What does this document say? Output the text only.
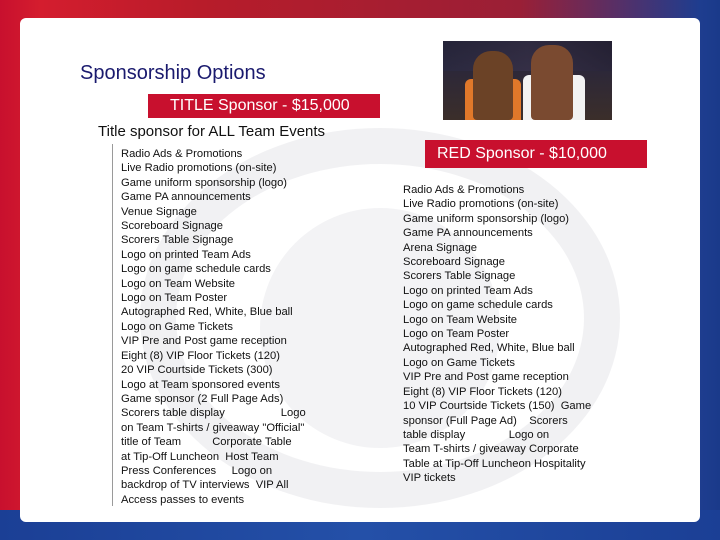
Sponsorship Options
TITLE Sponsor - $15,000
Title sponsor for ALL Team Events
Radio Ads & Promotions
Live Radio promotions (on-site)
Game uniform sponsorship (logo)
Game PA announcements
Venue Signage
Scoreboard Signage
Scorers Table Signage
Logo on printed Team Ads
Logo on game schedule cards
Logo on Team Website
Logo on Team Poster
Autographed Red, White, Blue ball
Logo on Game Tickets
VIP Pre and Post game reception
Eight (8) VIP Floor Tickets (120)
20 VIP Courtside Tickets (300)
Logo at Team sponsored events
Game sponsor (2 Full Page Ads)
Scorers table display                  Logo
on Team T-shirts / giveaway "Official"
title of Team          Corporate Table
at Tip-Off Luncheon  Host Team
Press Conferences     Logo on
backdrop of TV interviews  VIP All
Access passes to events
RED Sponsor - $10,000
Radio Ads & Promotions
Live Radio promotions (on-site)
Game uniform sponsorship (logo)
Game PA announcements
Arena Signage
Scoreboard Signage
Scorers Table Signage
Logo on printed Team Ads
Logo on game schedule cards
Logo on Team Website
Logo on Team Poster
Autographed Red, White, Blue ball
Logo on Game Tickets
VIP Pre and Post game reception
Eight (8) VIP Floor Tickets (120)
10 VIP Courtside Tickets (150)  Game
sponsor (Full Page Ad)    Scorers
table display              Logo on
Team T-shirts / giveaway Corporate
Table at Tip-Off Luncheon Hospitality
VIP tickets
